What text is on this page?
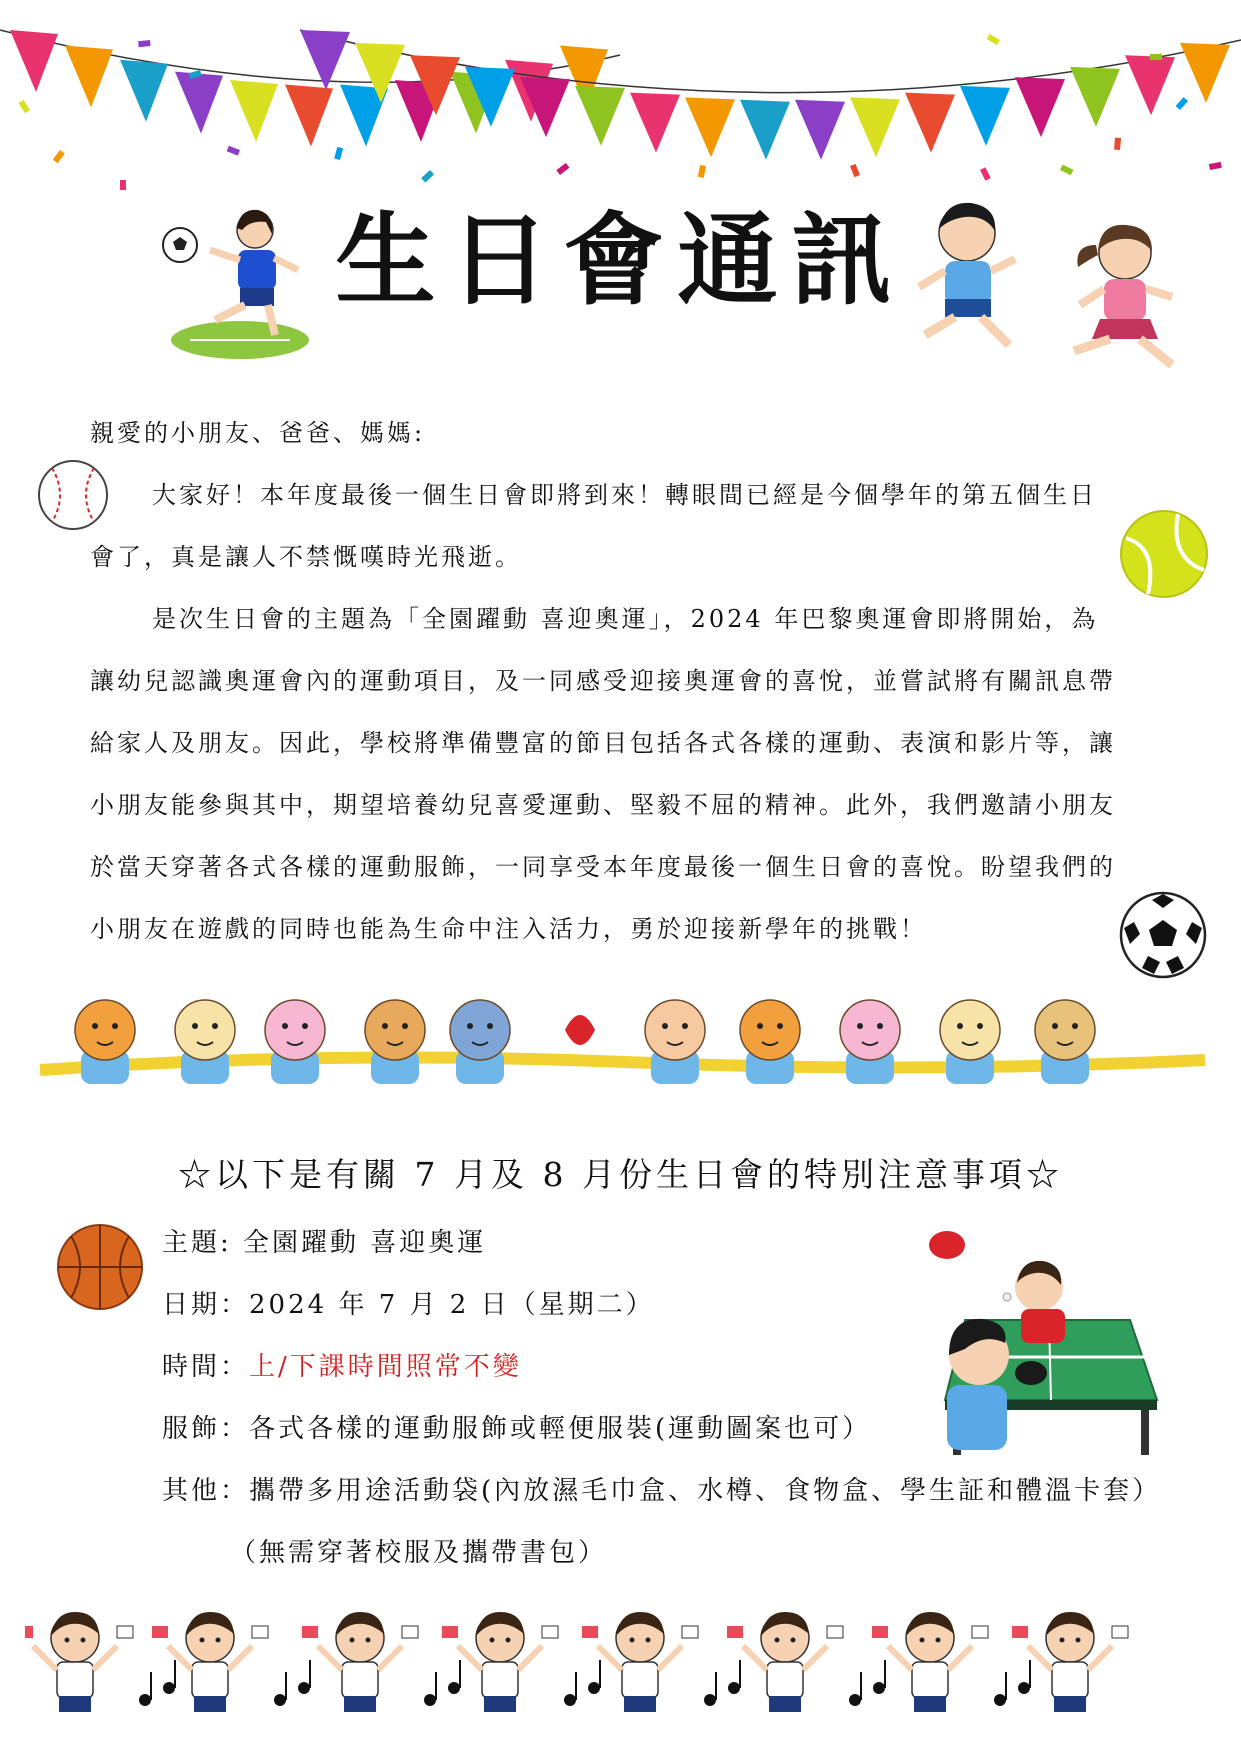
生日會通訊

親愛的小朋友、爸爸、媽媽:

大家好！本年度最後一個生日會即將到來！轉眼間已經是今個學年的第五個生日會了，真是讓人不禁慨嘆時光飛逝。

是次生日會的主題為「全園躍動 喜迎奧運」，2024 年巴黎奧運會即將開始，為讓幼兒認識奧運會內的運動項目，及一同感受迎接奧運會的喜悅，並嘗試將有關訊息帶給家人及朋友。因此，學校將準備豐富的節目包括各式各樣的運動、表演和影片等，讓小朋友能參與其中，期望培養幼兒喜愛運動、堅毅不屈的精神。此外，我們邀請小朋友於當天穿著各式各樣的運動服飾，一同享受本年度最後一個生日會的喜悅。盼望我們的小朋友在遊戲的同時也能為生命中注入活力，勇於迎接新學年的挑戰！

☆以下是有關 7 月及 8 月份生日會的特別注意事項☆
主題: 全園躍動 喜迎奧運
日期：2024 年 7 月 2 日（星期二）
時間：上/下課時間照常不變
服飾：各式各樣的運動服飾或輕便服裝(運動圖案也可）
其他：攜帶多用途活動袋(內放濕毛巾盒、水樽、食物盒、學生証和體溫卡套）
（無需穿著校服及攜帶書包）
